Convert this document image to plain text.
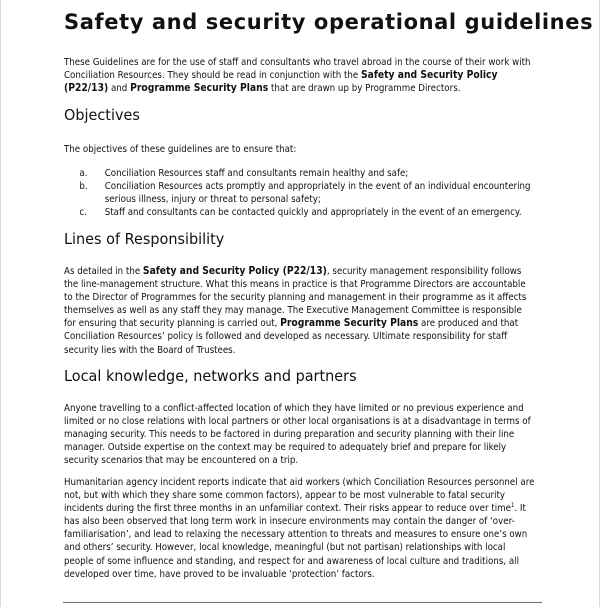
Safety and security operational guidelines

These Guidelines are for the use of staff and consultants who travel abroad in the course of their work with Conciliation Resources. They should be read in conjunction with the Safety and Security Policy (P22/13) and Programme Security Plans that are drawn up by Programme Directors.

Objectives

The objectives of these guidelines are to ensure that:

a. Conciliation Resources staff and consultants remain healthy and safe;
b. Conciliation Resources acts promptly and appropriately in the event of an individual encountering serious illness, injury or threat to personal safety;
c. Staff and consultants can be contacted quickly and appropriately in the event of an emergency.
Lines of Responsibility

As detailed in the Safety and Security Policy (P22/13), security management responsibility follows the line-management structure. What this means in practice is that Programme Directors are accountable to the Director of Programmes for the security planning and management in their programme as it affects themselves as well as any staff they may manage. The Executive Management Committee is responsible for ensuring that security planning is carried out, Programme Security Plans are produced and that Conciliation Resources’ policy is followed and developed as necessary. Ultimate responsibility for staff security lies with the Board of Trustees.

Local knowledge, networks and partners

Anyone travelling to a conflict-affected location of which they have limited or no previous experience and limited or no close relations with local partners or other local organisations is at a disadvantage in terms of managing security. This needs to be factored in during preparation and security planning with their line manager. Outside expertise on the context may be required to adequately brief and prepare for likely security scenarios that may be encountered on a trip.

Humanitarian agency incident reports indicate that aid workers (which Conciliation Resources personnel are not, but with which they share some common factors), appear to be most vulnerable to fatal security incidents during the first three months in an unfamiliar context. Their risks appear to reduce over time$^1$. It has also been observed that long term work in insecure environments may contain the danger of ‘over-familiarisation’, and lead to relaxing the necessary attention to threats and measures to ensure one’s own and others’ security. However, local knowledge, meaningful (but not partisan) relationships with local people of some influence and standing, and respect for and awareness of local culture and traditions, all developed over time, have proved to be invaluable ‘protection’ factors.
